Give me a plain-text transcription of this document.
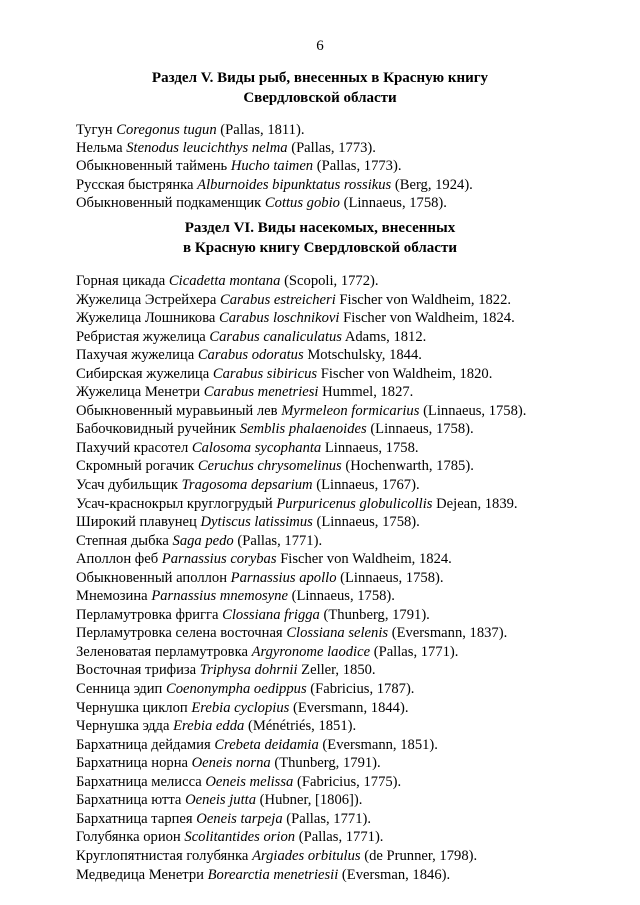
6
Раздел V. Виды рыб, внесенных в Красную книгу
Свердловской области
Тугун Coregonus tugun (Pallas, 1811).
Нельма Stenodus leucichthys nelma (Pallas, 1773).
Обыкновенный таймень Hucho taimen (Pallas, 1773).
Русская быстрянка Alburnoides bipunktatus rossikus (Berg, 1924).
Обыкновенный подкаменщик Cottus gobio (Linnaeus, 1758).
Раздел VI. Виды насекомых, внесенных
в Красную книгу Свердловской области
Горная цикада Cicadetta montana (Scopoli, 1772).
Жужелица Эстрейхера Carabus estreicheri Fischer von Waldheim, 1822.
Жужелица Лошникова Carabus loschnikovi Fischer von Waldheim, 1824.
Ребристая жужелица Carabus canaliculatus Adams, 1812.
Пахучая жужелица Carabus odoratus Motschulsky, 1844.
Сибирская жужелица Carabus sibiricus Fischer von Waldheim, 1820.
Жужелица Менетри Carabus menetriesi Hummel, 1827.
Обыкновенный муравьиный лев Myrmeleon formicarius (Linnaeus, 1758).
Бабочковидный ручейник Semblis phalaenoides (Linnaeus, 1758).
Пахучий красотел Calosoma sycophanta Linnaeus, 1758.
Скромный рогачик Ceruchus chrysomelinus (Hochenwarth, 1785).
Усач дубильщик Tragosoma depsarium (Linnaeus, 1767).
Усач-краснокрыл круглогрудый Purpuricenus globulicollis Dejean, 1839.
Широкий плавунец Dytiscus latissimus (Linnaeus, 1758).
Степная дыбка Saga pedo (Pallas, 1771).
Аполлон феб Parnassius corybas Fischer von Waldheim, 1824.
Обыкновенный аполлон Parnassius apollo (Linnaeus, 1758).
Мнемозина Parnassius mnemosyne (Linnaeus, 1758).
Перламутровка фригга Clossiana frigga (Thunberg, 1791).
Перламутровка селена восточная Clossiana selenis (Eversmann, 1837).
Зеленоватая перламутровка Argyronome laodice (Pallas, 1771).
Восточная трифиза Triphysa dohrnii Zeller, 1850.
Сенница эдип Coenonympha oedippus (Fabricius, 1787).
Чернушка циклоп Erebia cyclopius (Eversmann, 1844).
Чернушка эдда Erebia edda (Ménétriés, 1851).
Бархатница дейдамия Crebeta deidamia (Eversmann, 1851).
Бархатница норна Oeneis norna (Thunberg, 1791).
Бархатница мелисса Oeneis melissa (Fabricius, 1775).
Бархатница ютта Oeneis jutta (Hubner, [1806]).
Бархатница тарпея Oeneis tarpeja (Pallas, 1771).
Голубянка орион Scolitantides orion (Pallas, 1771).
Круглопятнистая голубянка Argiades orbitulus (de Prunner, 1798).
Медведица Менетри Borearctia menetriesii (Eversman, 1846).
